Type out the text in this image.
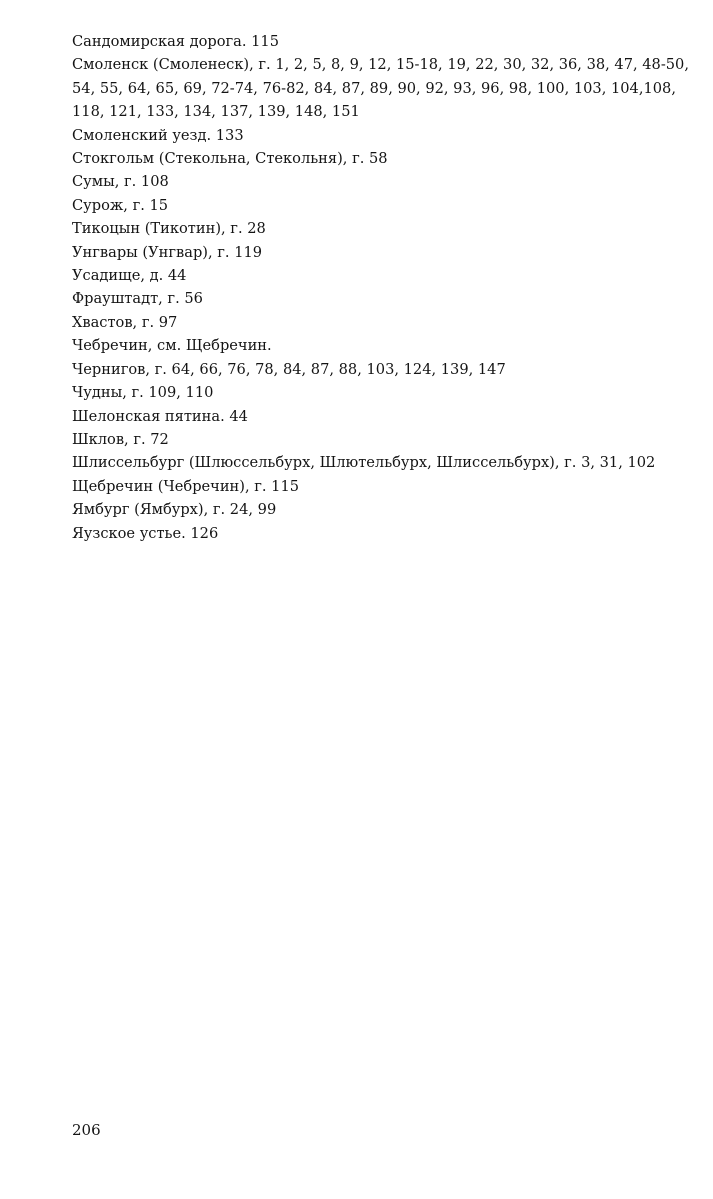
Сандомирская дорога. 115
Смоленск (Смоленеск), г. 1, 2, 5, 8, 9, 12, 15-18, 19, 22, 30, 32, 36, 38, 47, 48-50, 54, 55, 64, 65, 69, 72-74, 76-82, 84, 87, 89, 90, 92, 93, 96, 98, 100, 103, 104,108, 118, 121, 133, 134, 137, 139, 148, 151
Смоленский уезд. 133
Стокгольм (Стекольна, Стекольня), г. 58
Сумы, г. 108
Сурож, г. 15
Тикоцын (Тикотин), г. 28
Унгвары (Унгвар), г. 119
Усадище, д. 44
Фрауштадт, г. 56
Хвастов, г. 97
Чебречин, см. Щебречин.
Чернигов, г. 64, 66, 76, 78, 84, 87, 88, 103, 124, 139, 147
Чудны, г. 109, 110
Шелонская пятина. 44
Шклов, г. 72
Шлиссельбург (Шлюссельбурх, Шлютельбурх, Шлиссельбурх), г. 3, 31, 102
Щебречин (Чебречин), г. 115
Ямбург (Ямбурх), г. 24, 99
Яузское устье. 126

206
